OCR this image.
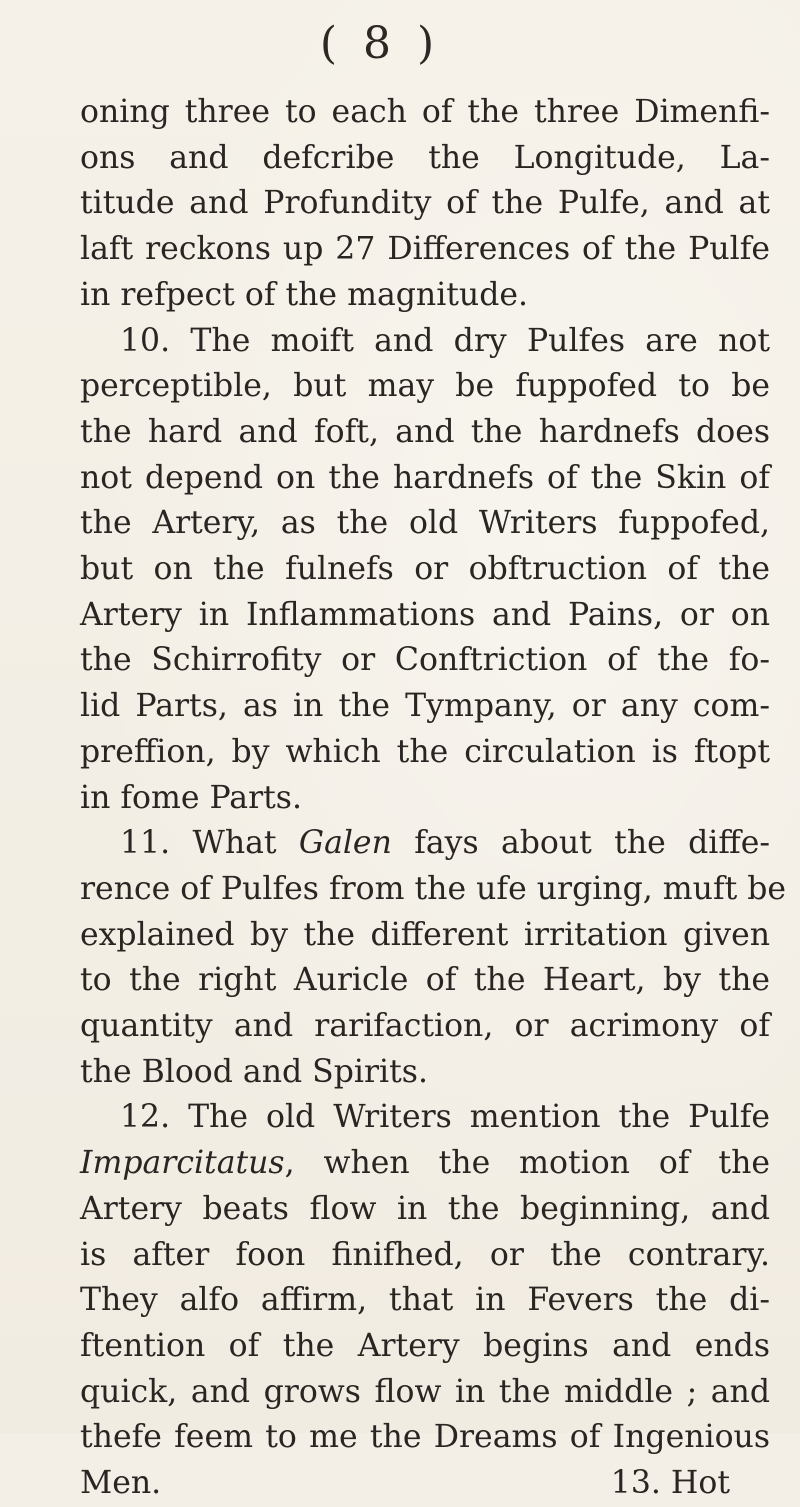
( 8 )
oning three to each of the three Dimenfi-
ons and defcribe the Longitude, La-
titude and Profundity of the Pulfe, and at
laft reckons up 27 Differences of the Pulfe
in refpect of the magnitude.
10. The moift and dry Pulfes are not
perceptible, but may be fuppofed to be
the hard and foft, and the hardnefs does
not depend on the hardnefs of the Skin of
the Artery, as the old Writers fuppofed,
but on the fulnefs or obftruction of the
Artery in Inflammations and Pains, or on
the Schirrofity or Conftriction of the fo-
lid Parts, as in the Tympany, or any com-
preffion, by which the circulation is ftopt
in fome Parts.
11. What Galen fays about the diffe-
rence of Pulfes from the ufe urging, muft be
explained by the different irritation given
to the right Auricle of the Heart, by the
quantity and rarifaction, or acrimony of
the Blood and Spirits.
12. The old Writers mention the Pulfe
Imparcitatus, when the motion of the
Artery beats flow in the beginning, and
is after foon finifhed, or the contrary.
They alfo affirm, that in Fevers the di-
ftention of the Artery begins and ends
quick, and grows flow in the middle ; and
thefe feem to me the Dreams of Ingenious
Men.	13. Hot
